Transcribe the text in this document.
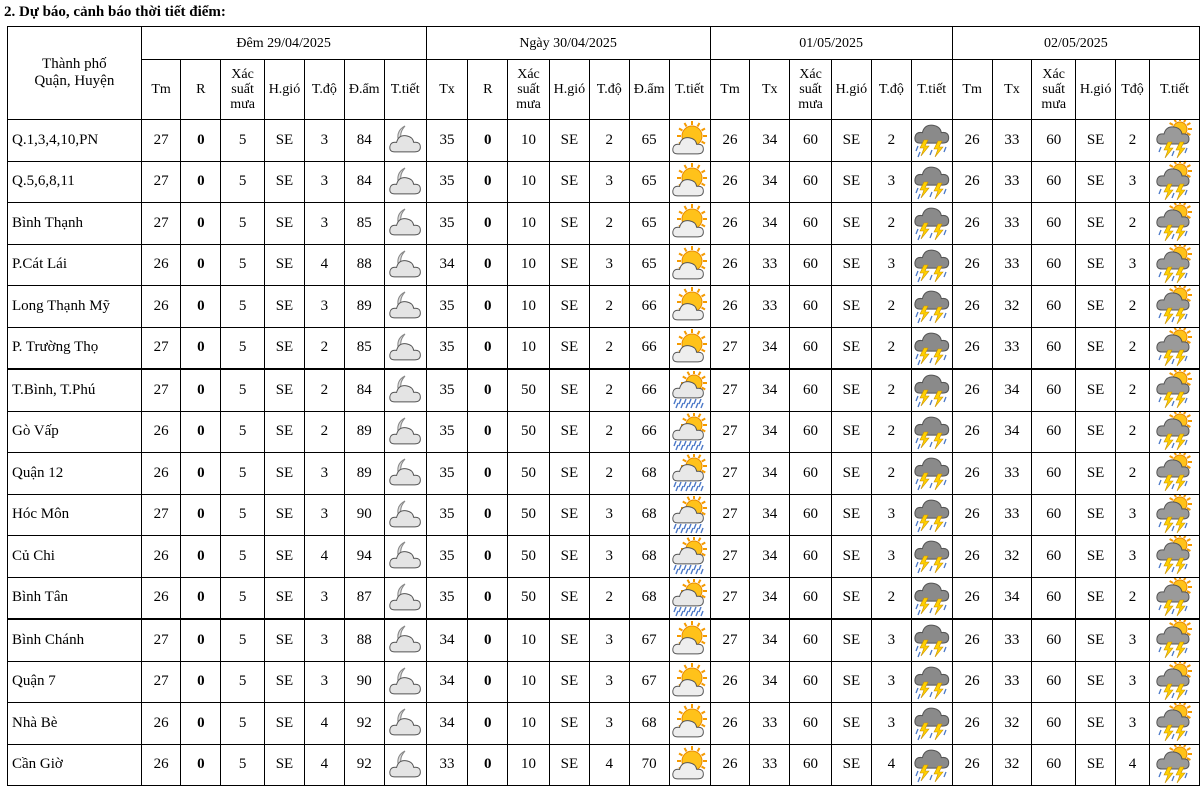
2. Dự báo, cảnh báo thời tiết điểm:
Thành phố
Quận, Huyện	Đêm 29/04/2025							Ngày 30/04/2025							01/05/2025						02/05/2025					
	Tm	R	Xác suất mưa	H.gió	T.độ	Đ.ẩm	T.tiết	Tx	R	Xác suất mưa	H.gió	T.độ	Đ.ẩm	T.tiết	Tm	Tx	Xác suất mưa	H.gió	T.độ	T.tiết	Tm	Tx	Xác suất mưa	H.gió	Tđộ	T.tiết
Q.1,3,4,10,PN	27	0	5	SE	3	84		35	0	10	SE	2	65		26	34	60	SE	2		26	33	60	SE	2	

Q.5,6,8,11	27	0	5	SE	3	84		35	0	10	SE	3	65		26	34	60	SE	3		26	33	60	SE	3	

Bình Thạnh	27	0	5	SE	3	85		35	0	10	SE	2	65		26	34	60	SE	2		26	33	60	SE	2	

P.Cát Lái	26	0	5	SE	4	88		34	0	10	SE	3	65		26	33	60	SE	3		26	33	60	SE	3	

Long Thạnh Mỹ	26	0	5	SE	3	89		35	0	10	SE	2	66		26	33	60	SE	2		26	32	60	SE	2	

P. Trường Thọ	27	0	5	SE	2	85		35	0	10	SE	2	66		27	34	60	SE	2		26	33	60	SE	2	

T.Bình, T.Phú	27	0	5	SE	2	84		35	0	50	SE	2	66		27	34	60	SE	2		26	34	60	SE	2	

Gò Vấp	26	0	5	SE	2	89		35	0	50	SE	2	66		27	34	60	SE	2		26	34	60	SE	2	

Quận 12	26	0	5	SE	3	89		35	0	50	SE	2	68		27	34	60	SE	2		26	33	60	SE	2	

Hóc Môn	27	0	5	SE	3	90		35	0	50	SE	3	68		27	34	60	SE	3		26	33	60	SE	3	

Củ Chi	26	0	5	SE	4	94		35	0	50	SE	3	68		27	34	60	SE	3		26	32	60	SE	3	

Bình Tân	26	0	5	SE	3	87		35	0	50	SE	2	68		27	34	60	SE	2		26	34	60	SE	2	

Bình Chánh	27	0	5	SE	3	88		34	0	10	SE	3	67		27	34	60	SE	3		26	33	60	SE	3	

Quận 7	27	0	5	SE	3	90		34	0	10	SE	3	67		26	34	60	SE	3		26	33	60	SE	3	

Nhà Bè	26	0	5	SE	4	92		34	0	10	SE	3	68		26	33	60	SE	3		26	32	60	SE	3	

Cần Giờ	26	0	5	SE	4	92		33	0	10	SE	4	70		26	33	60	SE	4		26	32	60	SE	4	
